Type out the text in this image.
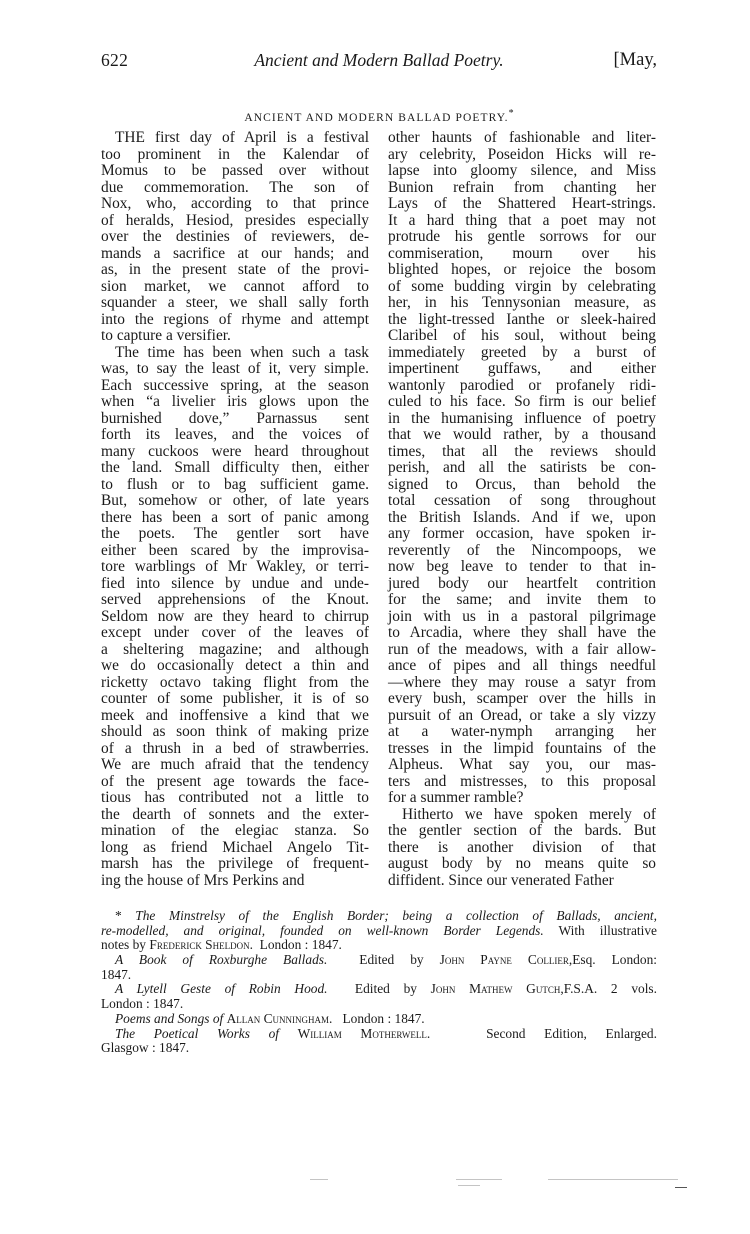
622	Ancient and Modern Ballad Poetry.	[May,
ANCIENT AND MODERN BALLAD POETRY.*
THE first day of April is a festival
too prominent in the Kalendar of
Momus to be passed over without
due commemoration. The son of
Nox, who, according to that prince
of heralds, Hesiod, presides especially
over the destinies of reviewers, de-
mands a sacrifice at our hands; and
as, in the present state of the provi-
sion market, we cannot afford to
squander a steer, we shall sally forth
into the regions of rhyme and attempt
to capture a versifier.
The time has been when such a task
was, to say the least of it, very simple.
Each successive spring, at the season
when “a livelier iris glows upon the
burnished dove,” Parnassus sent
forth its leaves, and the voices of
many cuckoos were heard throughout
the land. Small difficulty then, either
to flush or to bag sufficient game.
But, somehow or other, of late years
there has been a sort of panic among
the poets. The gentler sort have
either been scared by the improvisa-
tore warblings of Mr Wakley, or terri-
fied into silence by undue and unde-
served apprehensions of the Knout.
Seldom now are they heard to chirrup
except under cover of the leaves of
a sheltering magazine; and although
we do occasionally detect a thin and
ricketty octavo taking flight from the
counter of some publisher, it is of so
meek and inoffensive a kind that we
should as soon think of making prize
of a thrush in a bed of strawberries.
We are much afraid that the tendency
of the present age towards the face-
tious has contributed not a little to
the dearth of sonnets and the exter-
mination of the elegiac stanza. So
long as friend Michael Angelo Tit-
marsh has the privilege of frequent-
ing the house of Mrs Perkins and
other haunts of fashionable and liter-
ary celebrity, Poseidon Hicks will re-
lapse into gloomy silence, and Miss
Bunion refrain from chanting her
Lays of the Shattered Heart-strings.
It a hard thing that a poet may not
protrude his gentle sorrows for our
commiseration, mourn over his
blighted hopes, or rejoice the bosom
of some budding virgin by celebrating
her, in his Tennysonian measure, as
the light-tressed Ianthe or sleek-haired
Claribel of his soul, without being
immediately greeted by a burst of
impertinent guffaws, and either
wantonly parodied or profanely ridi-
culed to his face. So firm is our belief
in the humanising influence of poetry
that we would rather, by a thousand
times, that all the reviews should
perish, and all the satirists be con-
signed to Orcus, than behold the
total cessation of song throughout
the British Islands. And if we, upon
any former occasion, have spoken ir-
reverently of the Nincompoops, we
now beg leave to tender to that in-
jured body our heartfelt contrition
for the same; and invite them to
join with us in a pastoral pilgrimage
to Arcadia, where they shall have the
run of the meadows, with a fair allow-
ance of pipes and all things needful
—where they may rouse a satyr from
every bush, scamper over the hills in
pursuit of an Oread, or take a sly vizzy
at a water-nymph arranging her
tresses in the limpid fountains of the
Alpheus. What say you, our mas-
ters and mistresses, to this proposal
for a summer ramble?
Hitherto we have spoken merely of
the gentler section of the bards. But
there is another division of that
august body by no means quite so
diffident. Since our venerated Father
* The Minstrelsy of the English Border; being a collection of Ballads, ancient,
re-modelled, and original, founded on well-known Border Legends. With illustrative
notes by Frederick Sheldon. London : 1847.
A Book of Roxburghe Ballads. Edited by John Payne Collier,Esq. London:
1847.
A Lytell Geste of Robin Hood. Edited by John Mathew Gutch,F.S.A. 2 vols.
London : 1847.
Poems and Songs of Allan Cunningham. London : 1847.
The Poetical Works of William Motherwell.	Second Edition, Enlarged.
Glasgow : 1847.
